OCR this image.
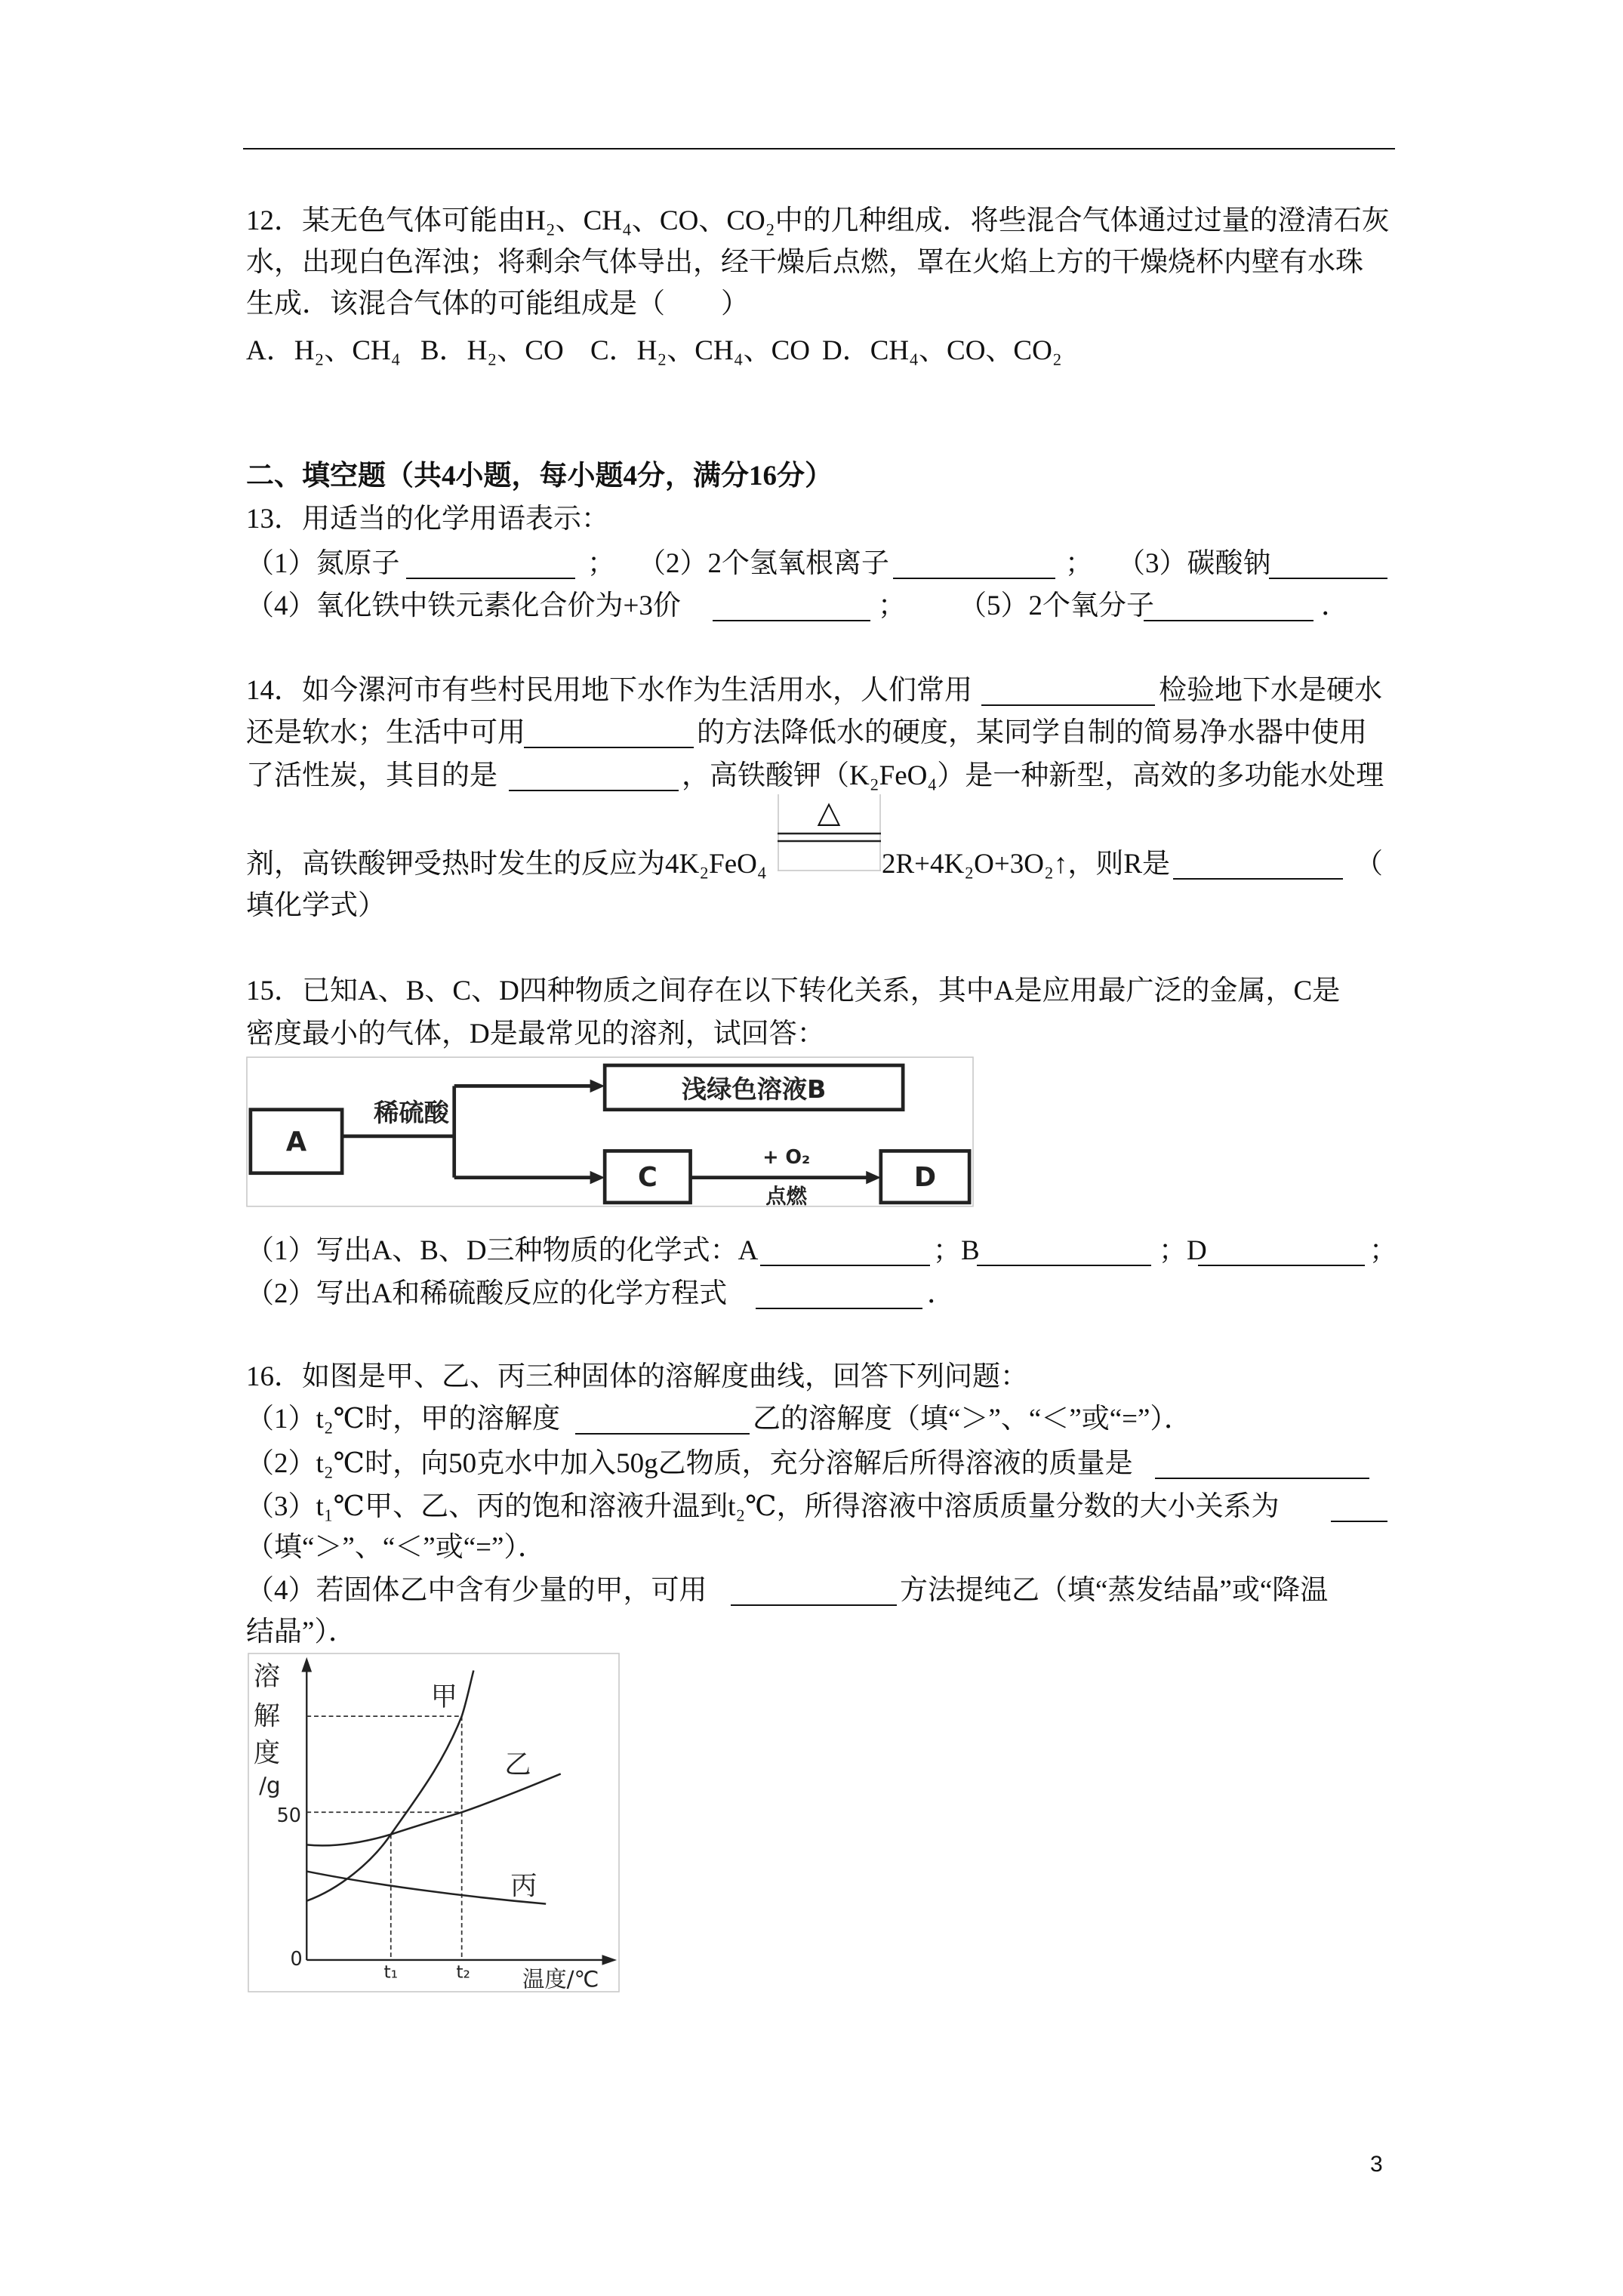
12．某无色气体可能由H₂、CH₄、CO、CO₂中的几种组成．将些混合气体通过过量的澄清石灰
水，出现白色浑浊；将剩余气体导出，经干燥后点燃，罩在火焰上方的干燥烧杯内壁有水珠
生成．该混合气体的可能组成是（　　）
A．H₂、CH₄ B．H₂、CO C．H₂、CH₄、CO D．CH₄、CO、CO₂
二、填空题（共4小题，每小题4分，满分16分）
13．用适当的化学用语表示：
（1）氮原子	； （2）2个氢氧根离子	； （3）碳酸钠
（4）氧化铁中铁元素化合价为+3价	； （5）2个氧分子	．
14．如今漯河市有些村民用地下水作为生活用水，人们常用	检验地下水是硬水
还是软水；生活中可用	的方法降低水的硬度，某同学自制的简易净水器中使用
了活性炭，其目的是	，高铁酸钾（K₂FeO₄）是一种新型，高效的多功能水处理
△
剂，高铁酸钾受热时发生的反应为4K₂FeO₄	2R+4K₂O+3O₂↑，则R是	（
填化学式）
15．已知A、B、C、D四种物质之间存在以下转化关系，其中A是应用最广泛的金属，C是
密度最小的气体，D是最常见的溶剂，试回答：
A
稀硫酸
浅绿色溶液B
C
+ O₂
点燃
D
（1）写出A、B、D三种物质的化学式：A	；B	；D	；
（2）写出A和稀硫酸反应的化学方程式	．
16．如图是甲、乙、丙三种固体的溶解度曲线，回答下列问题：
（1）t₂℃时，甲的溶解度	乙的溶解度（填“＞”、“＜”或“=”）．
（2）t₂℃时，向50克水中加入50g乙物质，充分溶解后所得溶液的质量是
（3）t₁℃甲、乙、丙的饱和溶液升温到t₂℃，所得溶液中溶质质量分数的大小关系为
（填“＞”、“＜”或“=”）．
（4）若固体乙中含有少量的甲，可用	方法提纯乙（填“蒸发结晶”或“降温
结晶”）．
溶
解
度
/g
50
0
t₁	t₂	温度/℃
甲
乙
丙
3
